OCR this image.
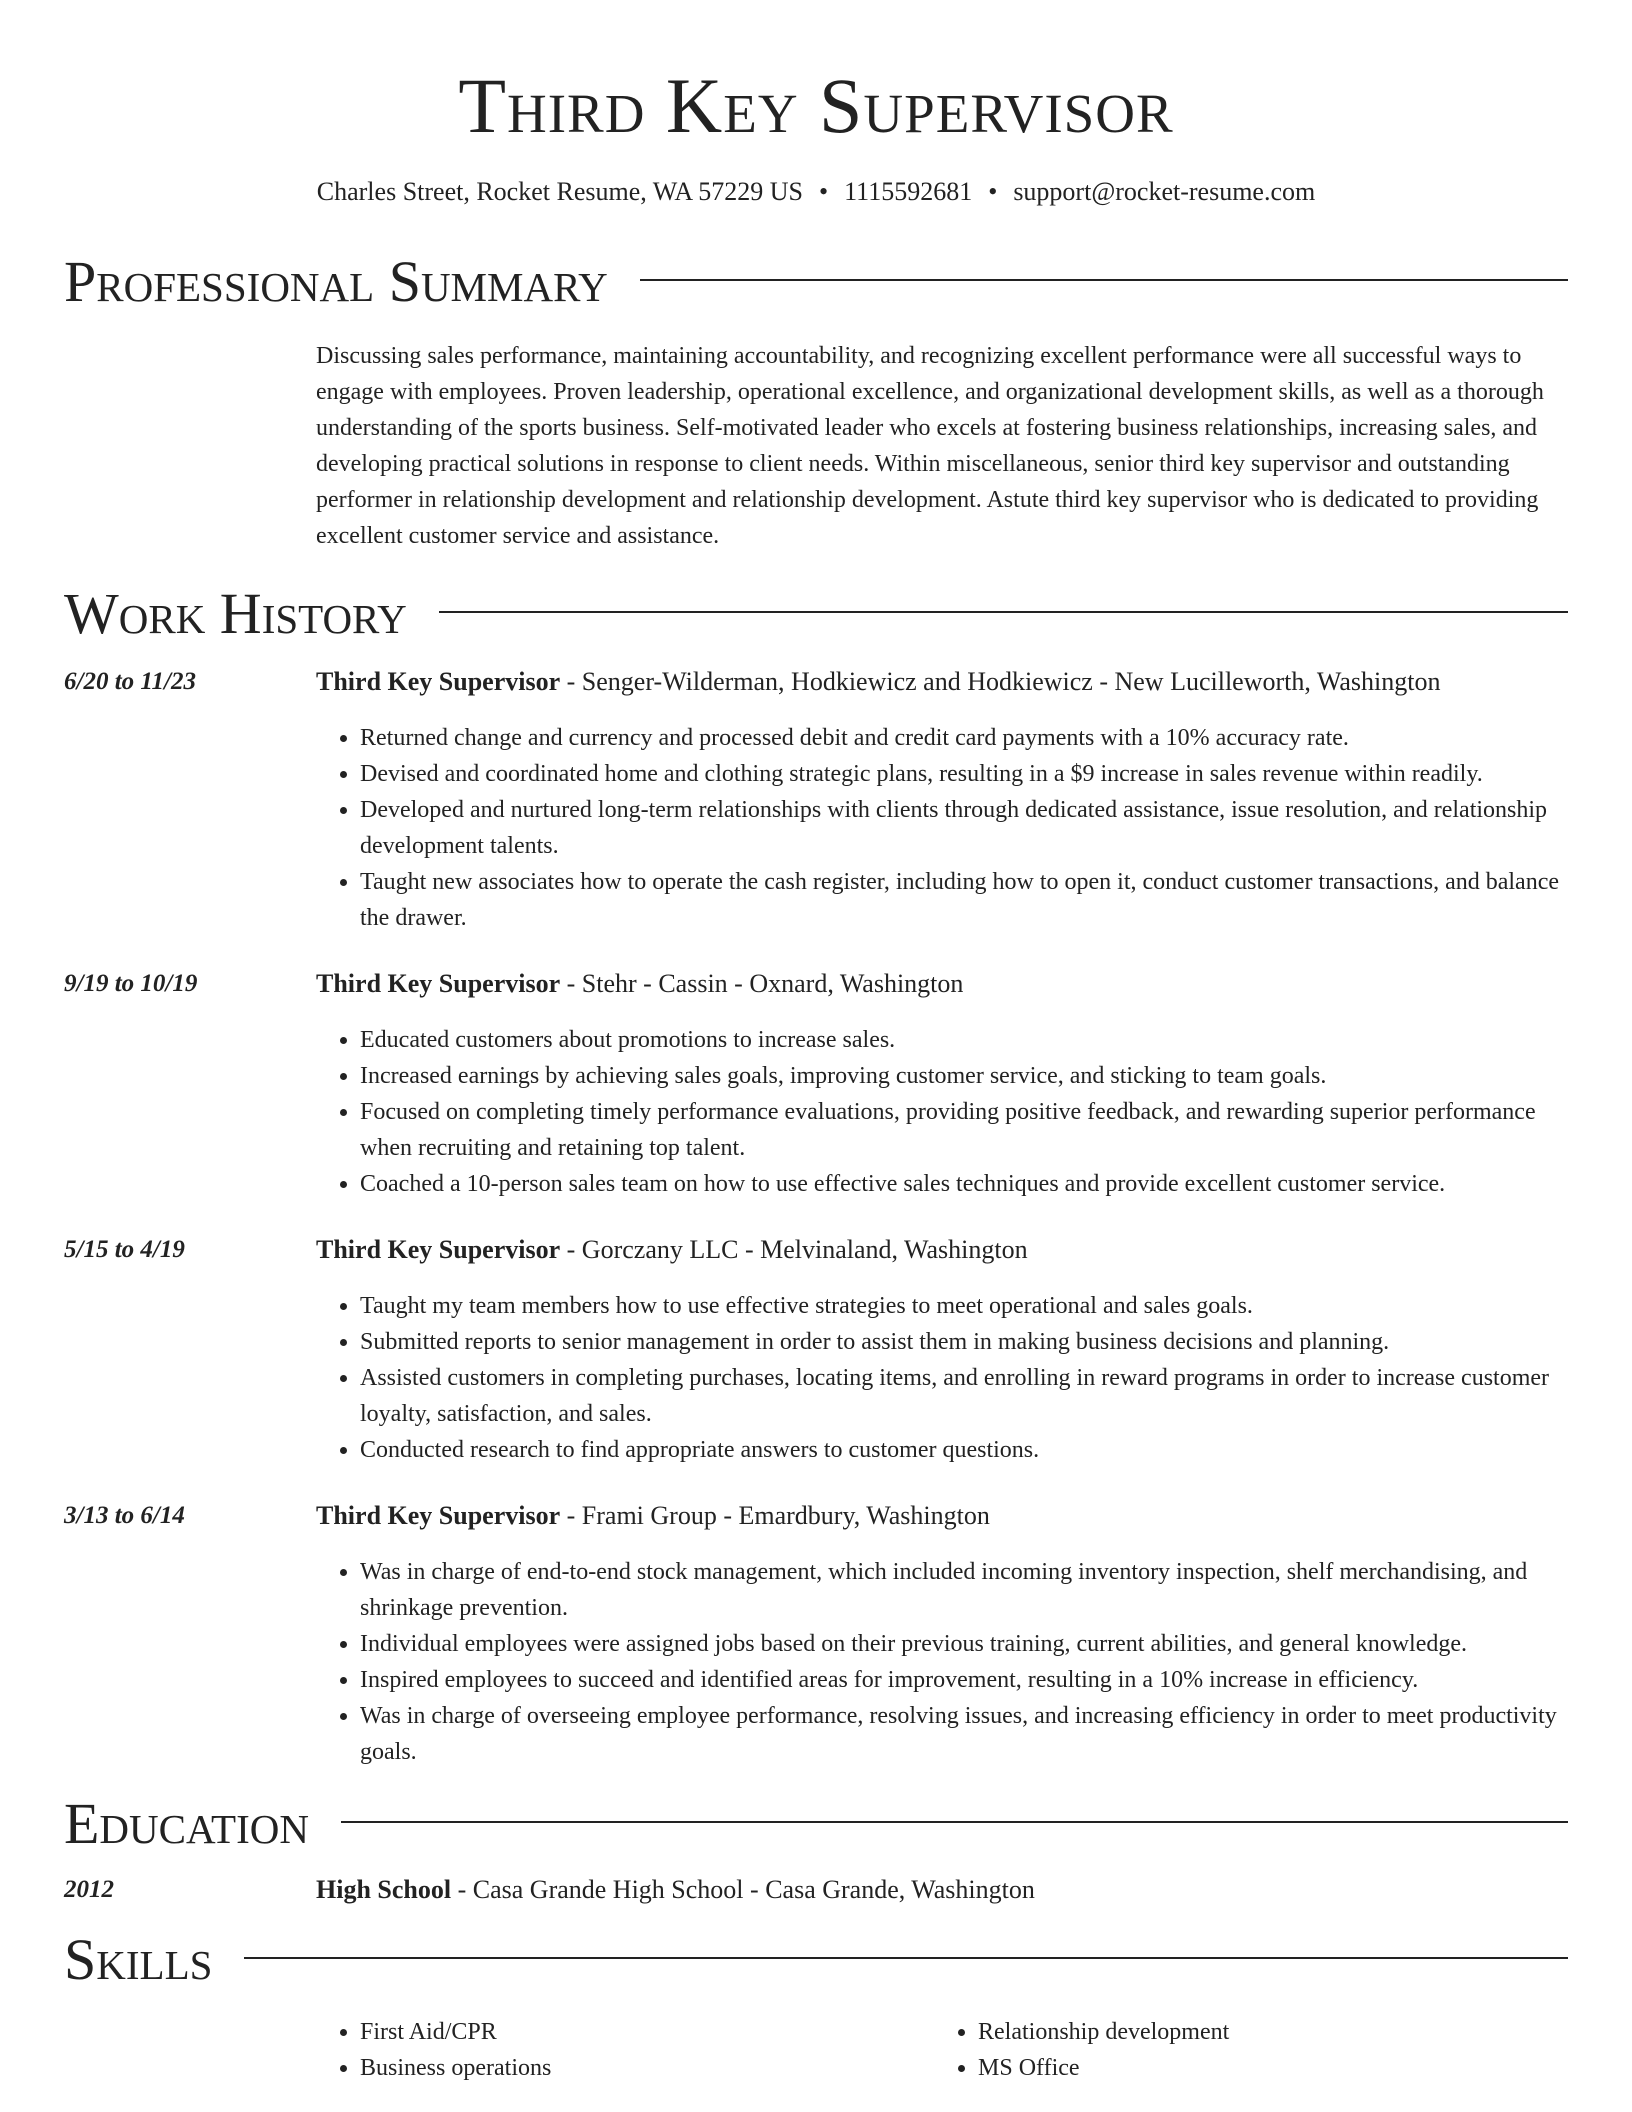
Third Key Supervisor
Charles Street, Rocket Resume, WA 57229 US • 1115592681 • support@rocket-resume.com
Professional Summary
Discussing sales performance, maintaining accountability, and recognizing excellent performance were all successful ways to engage with employees. Proven leadership, operational excellence, and organizational development skills, as well as a thorough understanding of the sports business. Self-motivated leader who excels at fostering business relationships, increasing sales, and developing practical solutions in response to client needs. Within miscellaneous, senior third key supervisor and outstanding performer in relationship development and relationship development. Astute third key supervisor who is dedicated to providing excellent customer service and assistance.
Work History
6/20 to 11/23	Third Key Supervisor - Senger-Wilderman, Hodkiewicz and Hodkiewicz - New Lucilleworth, Washington
• Returned change and currency and processed debit and credit card payments with a 10% accuracy rate.
• Devised and coordinated home and clothing strategic plans, resulting in a $9 increase in sales revenue within readily.
• Developed and nurtured long-term relationships with clients through dedicated assistance, issue resolution, and relationship development talents.
• Taught new associates how to operate the cash register, including how to open it, conduct customer transactions, and balance the drawer.
9/19 to 10/19	Third Key Supervisor - Stehr - Cassin - Oxnard, Washington
• Educated customers about promotions to increase sales.
• Increased earnings by achieving sales goals, improving customer service, and sticking to team goals.
• Focused on completing timely performance evaluations, providing positive feedback, and rewarding superior performance when recruiting and retaining top talent.
• Coached a 10-person sales team on how to use effective sales techniques and provide excellent customer service.
5/15 to 4/19	Third Key Supervisor - Gorczany LLC - Melvinaland, Washington
• Taught my team members how to use effective strategies to meet operational and sales goals.
• Submitted reports to senior management in order to assist them in making business decisions and planning.
• Assisted customers in completing purchases, locating items, and enrolling in reward programs in order to increase customer loyalty, satisfaction, and sales.
• Conducted research to find appropriate answers to customer questions.
3/13 to 6/14	Third Key Supervisor - Frami Group - Emardbury, Washington
• Was in charge of end-to-end stock management, which included incoming inventory inspection, shelf merchandising, and shrinkage prevention.
• Individual employees were assigned jobs based on their previous training, current abilities, and general knowledge.
• Inspired employees to succeed and identified areas for improvement, resulting in a 10% increase in efficiency.
• Was in charge of overseeing employee performance, resolving issues, and increasing efficiency in order to meet productivity goals.
Education
2012	High School - Casa Grande High School - Casa Grande, Washington
Skills
• First Aid/CPR
• Business operations
• Relationship development
• MS Office
